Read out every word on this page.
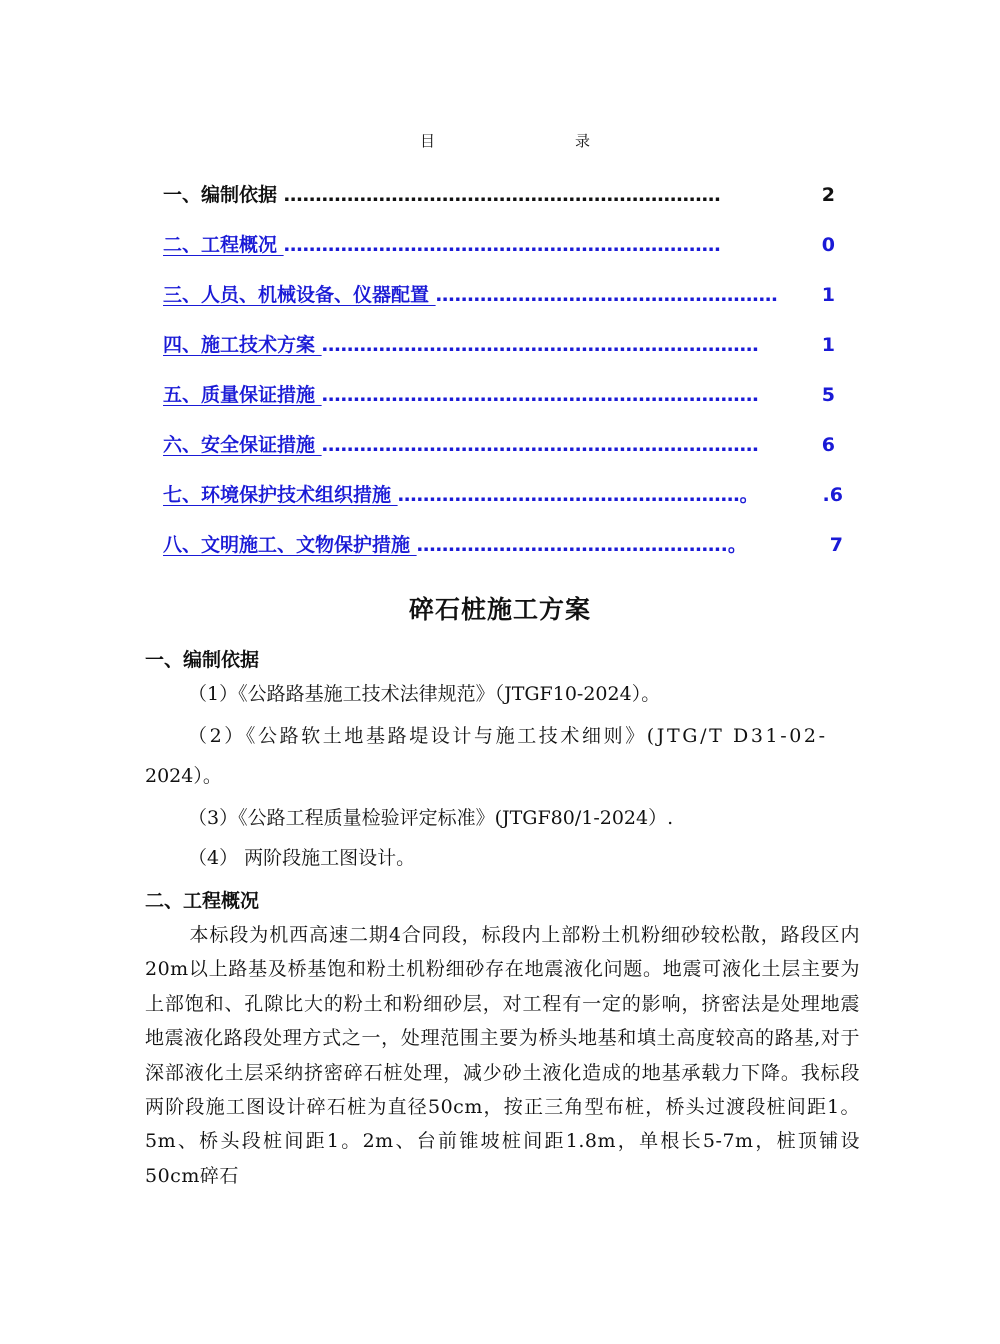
目	录
一、编制依据 ……………………………………………………………	2
二、工程概况 ……………………………………………………………	0
三、人员、机械设备、仪器配置 ……………………………………………… 1
四、施工技术方案 ……………………………………………………………	1
五、质量保证措施 ……………………………………………………………	5
六、安全保证措施 ……………………………………………………………	6
七、环境保护技术组织措施 ………………………………………………。	.6
八、文明施工、文物保护措施 ………………………………………….。	7
碎石桩施工方案
一、编制依据
（1）《公路路基施工技术法律规范》（JTGF10-2024）。
（2）《公路软土地基路堤设计与施工技术细则》(JTG/T D31-02-
2024）。
（3）《公路工程质量检验评定标准》(JTGF80/1-2024）.
（4） 两阶段施工图设计。
二、工程概况
本标段为机西高速二期4合同段，标段内上部粉土机粉细砂较松散，路段区内20m以上路基及桥基饱和粉土机粉细砂存在地震液化问题。地震可液化土层主要为上部饱和、孔隙比大的粉土和粉细砂层，对工程有一定的影响，挤密法是处理地震地震液化路段处理方式之一，处理范围主要为桥头地基和填土高度较高的路基,对于深部液化土层采纳挤密碎石桩处理，减少砂土液化造成的地基承载力下降。我标段两阶段施工图设计碎石桩为直径50cm，按正三角型布桩，桥头过渡段桩间距1。5m、桥头段桩间距1。2m、台前锥坡桩间距1.8m，单根长5-7m，桩顶铺设50cm碎石
